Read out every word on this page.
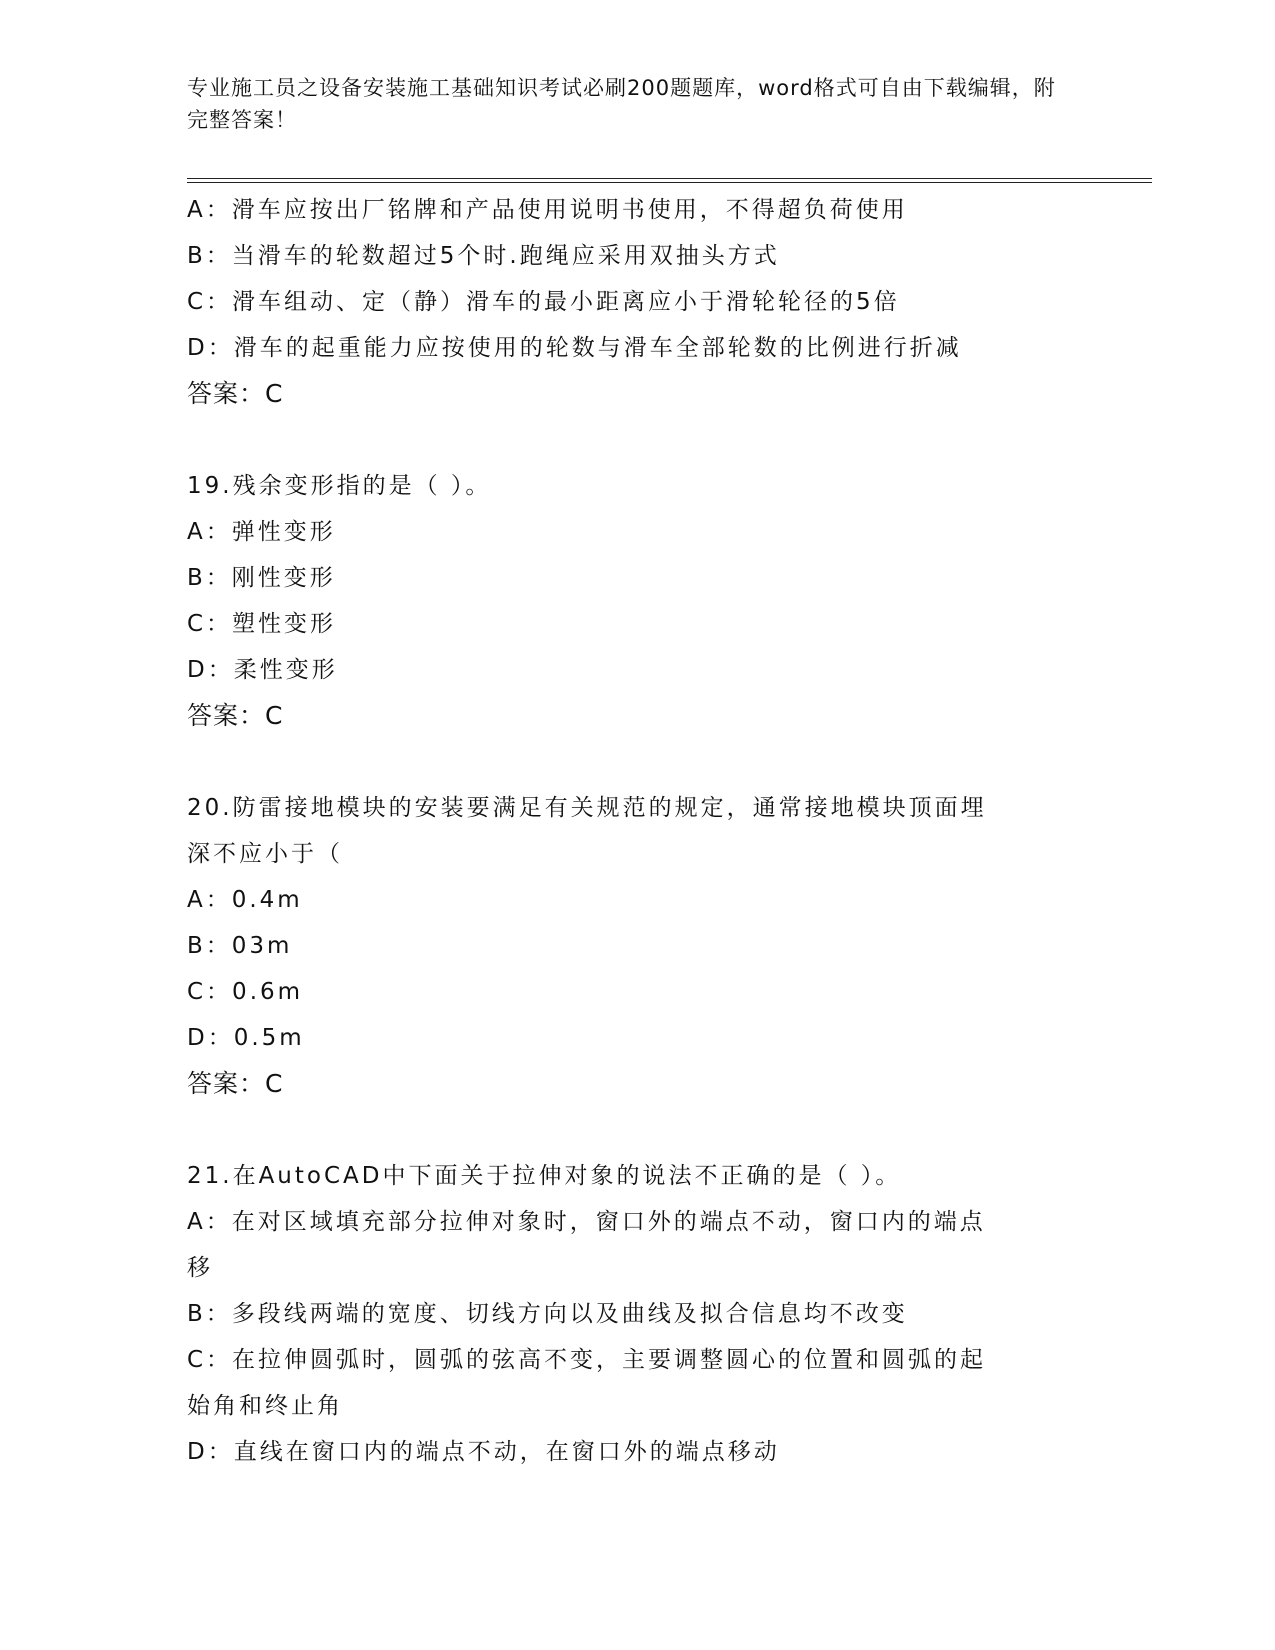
专业施工员之设备安装施工基础知识考试必刷200题题库，word格式可自由下载编辑，附完整答案！
A：滑车应按出厂铭牌和产品使用说明书使用，不得超负荷使用
B：当滑车的轮数超过5个时.跑绳应采用双抽头方式
C：滑车组动、定（静）滑车的最小距离应小于滑轮轮径的5倍
D：滑车的起重能力应按使用的轮数与滑车全部轮数的比例进行折减
答案：C
19.残余变形指的是（ ）。
A：弹性变形
B：刚性变形
C：塑性变形
D：柔性变形
答案：C
20.防雷接地模块的安装要满足有关规范的规定，通常接地模块顶面埋
深不应小于（
A：0.4m
B：03m
C：0.6m
D：0.5m
答案：C
21.在AutoCAD中下面关于拉伸对象的说法不正确的是（ ）。
A：在对区域填充部分拉伸对象时，窗口外的端点不动，窗口内的端点
移
B：多段线两端的宽度、切线方向以及曲线及拟合信息均不改变
C：在拉伸圆弧时，圆弧的弦高不变，主要调整圆心的位置和圆弧的起
始角和终止角
D：直线在窗口内的端点不动，在窗口外的端点移动
